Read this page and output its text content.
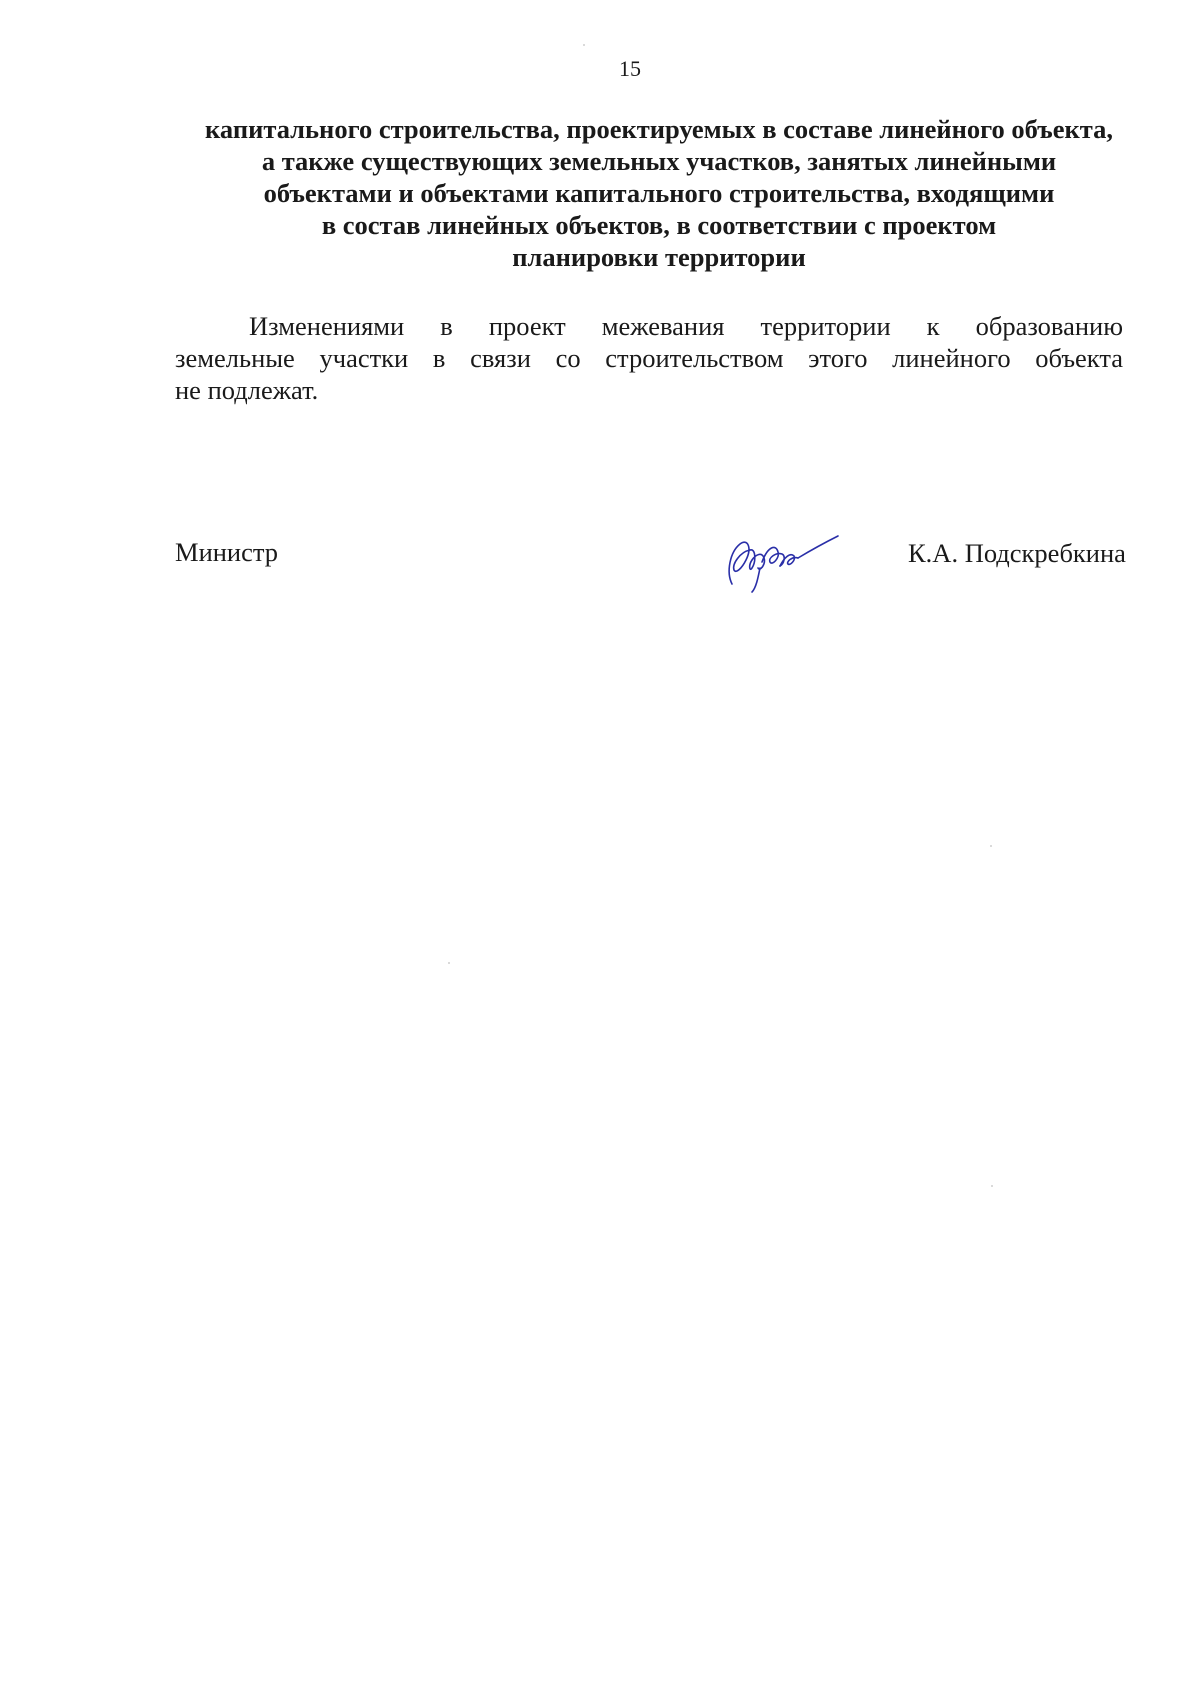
15
капитального строительства, проектируемых в составе линейного объекта,
а также существующих земельных участков, занятых линейными
объектами и объектами капитального строительства, входящими
в состав линейных объектов, в соответствии с проектом
планировки территории
Изменениями в проект межевания территории к образованию
земельные участки в связи со строительством этого линейного объекта
не подлежат.
Министр	К.А. Подскребкина
